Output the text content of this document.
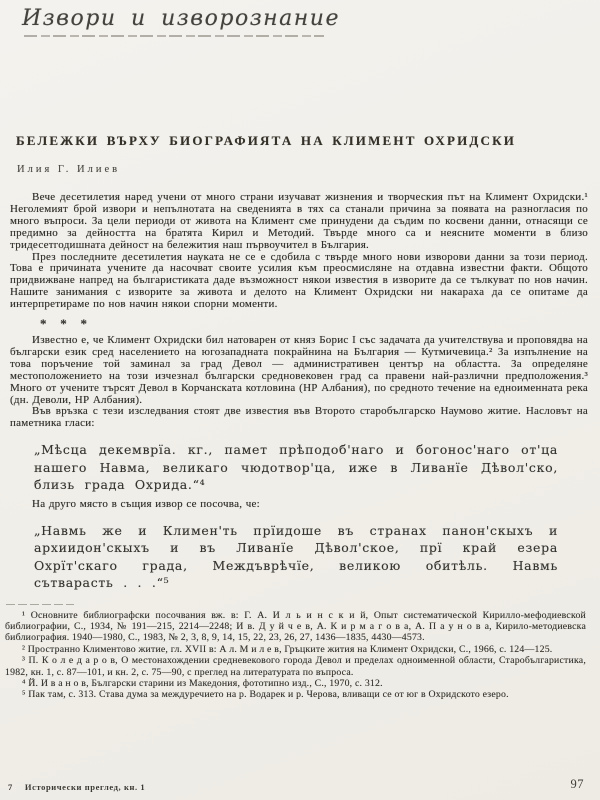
Извори и изворознание
БЕЛЕЖКИ ВЪРХУ БИОГРАФИЯТА НА КЛИМЕНТ ОХРИДСКИ
Илия Г. Илиев

Вече десетилетия наред учени от много страни изучават жизнения и творческия път на Климент Охридски.¹ Неголемият брой извори и непълнотата на сведенията в тях са станали причина за появата на разногласия по много въпроси. За цели периоди от живота на Климент сме принудени да съдим по косвени данни, отнасящи се предимно за дейността на братята Кирил и Методий. Твърде много са и неясните моменти в близо тридесетгодишната дейност на бележития наш първоучител в България.

През последните десетилетия науката не се е сдобила с твърде много нови изворови данни за този период. Това е причината учените да насочват своите усилия към преосмисляне на отдавна известни факти. Общото придвижване напред на българистиката даде възможност някои известия в изворите да се тълкуват по нов начин. Нашите занимания с изворите за живота и делото на Климент Охридски ни накараха да се опитаме да интерпретираме по нов начин някои спорни моменти.

* * *

Известно е, че Климент Охридски бил натоварен от княз Борис I със задачата да учителствува и проповядва на български език сред населението на югозападната покрайнина на България — Кутмичевица.² За изпълнение на това поръчение той заминал за град Девол — административен център на областта. За определяне местоположението на този изчезнал български средновековен град са правени най-различни предположения.³ Много от учените търсят Девол в Корчанската котловина (НР Албания), по средното течение на едноименната река (дн. Деволи, НР Албания).

Във връзка с тези изследвания стоят две известия във Второто старобългарско Наумово житие. Насловът на паметника гласи:

„Мѣсца декемврїа. кг., памет прѣподоб'наго и богонос'наго от'ца нашего Навма, великаго чюдотвор'ца, иже в Ливанїе Дѣвол'ско, близь града Охрида.“⁴

На друго място в същия извор се посочва, че:

„Навмь же и Климен'ть прїидоше въ странах панон'скыхъ и архиидон'скыхъ и въ Ливанїе Дѣвол'ское, прї край езера Охрїт'скаго града, Междъврѣчїе, великою обитѣль. Навмь сътварасть . . .“⁵

¹ Основните библиографски посочвания вж. в: Г. А. И л ь и н с к и й, Опыт систематической Кирилло-мефодиевской библиографии, С., 1934, № 191—215, 2214—2248; И в. Д у й ч е в, А. К и р м а г о в а, А. П а у н о в а, Кирило-методиевска библиография. 1940—1980, С., 1983, № 2, 3, 8, 9, 14, 15, 22, 23, 26, 27, 1436—1835, 4430—4573.

² Пространно Климентово житие, гл. XVII в: А л. М и л е в, Гръцките жития на Климент Охридски, С., 1966, с. 124—125.

³ П. К о л е д а р о в, О местонахождении средневекового города Девол и пределах одноименной области, Старобългаристика, 1982, кн. 1, с. 87—101, и кн. 2, с. 75—90, с преглед на литературата по въпроса.

⁴ Й. И в а н о в, Български старини из Македония, фототипно изд., С., 1970, с. 312.

⁵ Пак там, с. 313. Става дума за междуречието на р. Водарек и р. Черова, вливащи се от юг в Охридското езеро.

7 Исторически преглед, кн. 1	97
